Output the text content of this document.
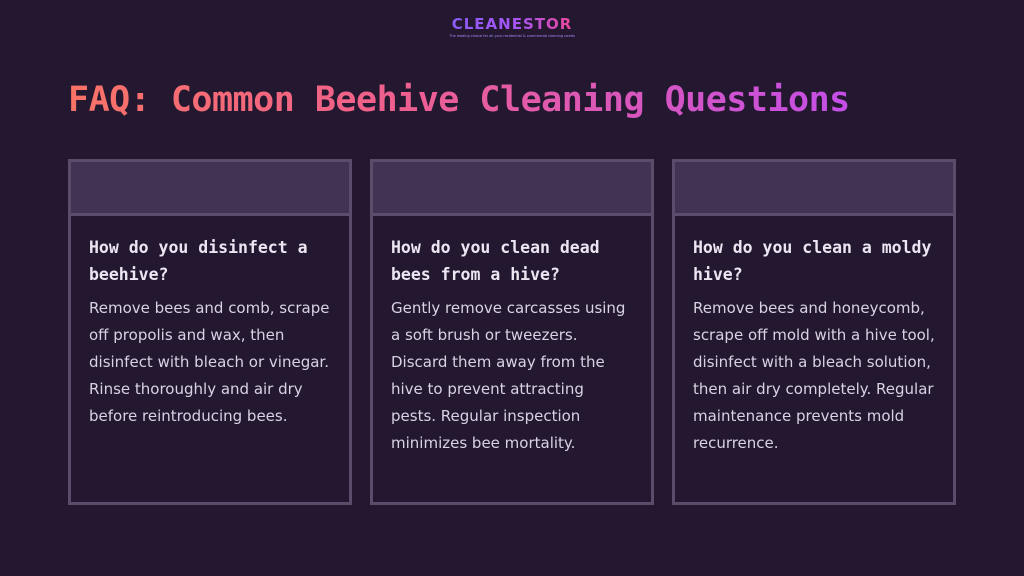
CLEANESTOR
The leading choice for all your residential & commercial cleaning needs
FAQ: Common Beehive Cleaning Questions

How do you disinfect a beehive?

Remove bees and comb, scrape off propolis and wax, then disinfect with bleach or vinegar. Rinse thoroughly and air dry before reintroducing bees.

How do you clean dead bees from a hive?

Gently remove carcasses using a soft brush or tweezers. Discard them away from the hive to prevent attracting pests. Regular inspection minimizes bee mortality.

How do you clean a moldy hive?

Remove bees and honeycomb, scrape off mold with a hive tool, disinfect with a bleach solution, then air dry completely. Regular maintenance prevents mold recurrence.
